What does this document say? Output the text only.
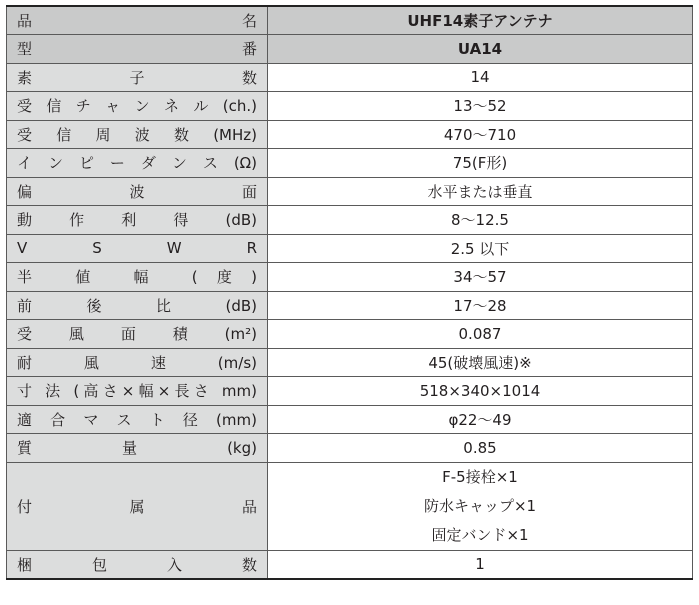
品 名	UHF14素子アンテナ
型 番	UA14
素 子 数	14
受 信 チ ャ ン ネ ル (ch.)	13〜52
受 信 周 波 数 (MHz)	470〜710
イ ン ピ ー ダ ン ス (Ω)	75(F形)
偏 波 面	水平または垂直
動 作 利 得 (dB)	8〜12.5
V S W R	2.5 以下
半 値 幅 (度)	34〜57
前 後 比 (dB)	17〜28
受 風 面 積 (m²)	0.087
耐 風 速 (m/s)	45(破壊風速)※
寸 法 (高さ×幅×長さ mm)	518×340×1014
適 合 マ ス ト 径 (mm)	φ22〜49
質 量 (kg)	0.85
付 属 品	F-5接栓×1
防水キャップ×1
固定バンド×1

梱 包 入 数	1
